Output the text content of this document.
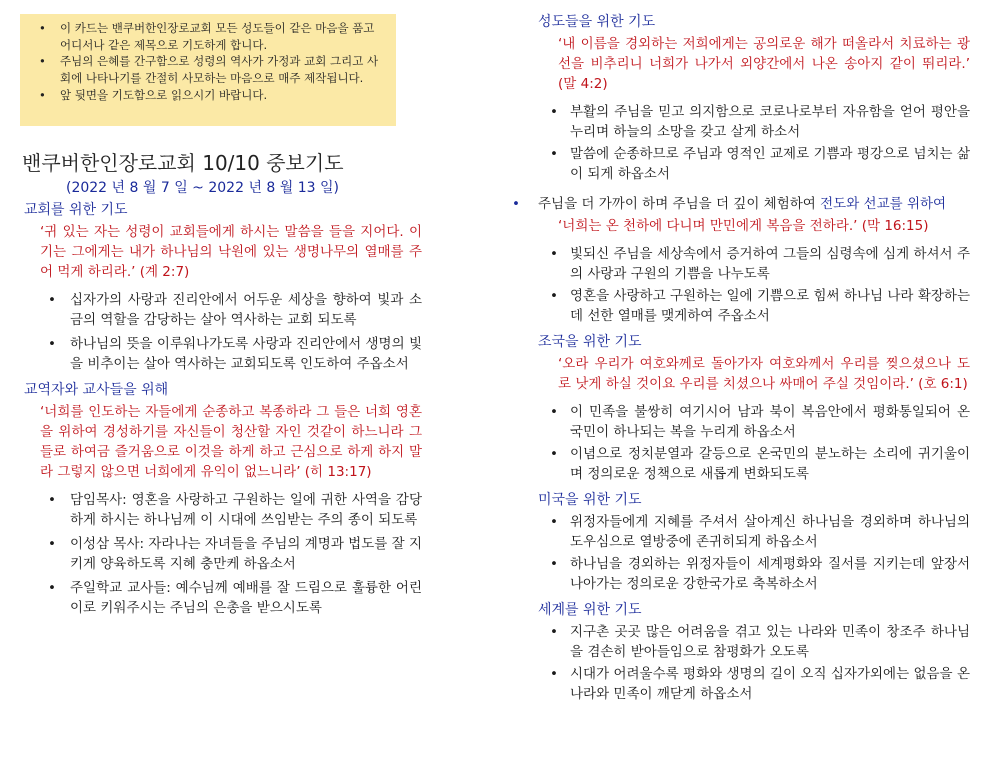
• 이 카드는 밴쿠버한인장로교회 모든 성도들이 같은 마음을 품고 어디서나 같은 제목으로 기도하게 합니다.
• 주님의 은혜를 간구함으로 성령의 역사가 가정과 교회 그리고 사회에 나타나기를 간절히 사모하는 마음으로 매주 제작됩니다.
• 앞 뒷면을 기도함으로 읽으시기 바랍니다.
밴쿠버한인장로교회 10/10 중보기도
(2022 년 8 월 7 일 ~ 2022 년 8 월 13 일)
교회를 위한 기도
‘귀 있는 자는 성령이 교회들에게 하시는 말씀을 들을 지어다. 이기는 그에게는 내가 하나님의 낙원에 있는 생명나무의 열매를 주어 먹게 하리라.’ (계 2:7)
• 십자가의 사랑과 진리안에서 어두운 세상을 향하여 빛과 소금의 역할을 감당하는 살아 역사하는 교회 되도록
• 하나님의 뜻을 이루워나가도록 사랑과 진리안에서 생명의 빛을 비추이는 살아 역사하는 교회되도록 인도하여 주옵소서
교역자와 교사들을 위해
‘너희를 인도하는 자들에게 순종하고 복종하라 그 들은 너희 영혼을 위하여 경성하기를 자신들이 청산할 자인 것같이 하느니라 그들로 하여금 즐거움으로 이것을 하게 하고 근심으로 하게 하지 말라 그렇지 않으면 너희에게 유익이 없느니라’ (히 13:17)
• 담임목사: 영혼을 사랑하고 구원하는 일에 귀한 사역을 감당하게 하시는 하나님께 이 시대에 쓰임받는 주의 종이 되도록
• 이성삼 목사: 자라나는 자녀들을 주님의 계명과 법도를 잘 지키게 양육하도록 지혜 충만케 하옵소서
• 주일학교 교사들: 예수님께 예배를 잘 드림으로 훌륭한 어린이로 키워주시는 주님의 은총을 받으시도록
성도들을 위한 기도
‘내 이름을 경외하는 저희에게는 공의로운 해가 떠올라서 치료하는 광선을 비추리니 너희가 나가서 외양간에서 나온 송아지 같이 뛰리라.’ (말 4:2)
• 부활의 주님을 믿고 의지함으로 코로나로부터 자유함을 얻어 평안을 누리며 하늘의 소망을 갖고 살게 하소서
• 말씀에 순종하므로 주님과 영적인 교제로 기쁨과 평강으로 넘치는 삶이 되게 하옵소서
• 주님을 더 가까이 하며 주님을 더 깊이 체험하여 전도와 선교를 위하여
‘너희는 온 천하에 다니며 만민에게 복음을 전하라.’ (막 16:15)
• 빛되신 주님을 세상속에서 증거하여 그들의 심령속에 심게 하셔서 주의 사랑과 구원의 기쁨을 나누도록
• 영혼을 사랑하고 구원하는 일에 기쁨으로 힘써 하나님 나라 확장하는데 선한 열매를 맺게하여 주옵소서
조국을 위한 기도
‘오라 우리가 여호와께로 돌아가자 여호와께서 우리를 찢으셨으나 도로 낫게 하실 것이요 우리를 치셨으나 싸매어 주실 것임이라.’ (호 6:1)
• 이 민족을 불쌍히 여기시어 남과 북이 복음안에서 평화통일되어 온 국민이 하나되는 복을 누리게 하옵소서
• 이념으로 정치분열과 갈등으로 온국민의 분노하는 소리에 귀기울이며 정의로운 정책으로 새롭게 변화되도록
미국을 위한 기도
• 위정자들에게 지혜를 주셔서 살아계신 하나님을 경외하며 하나님의 도우심으로 열방중에 존귀히되게 하옵소서
• 하나님을 경외하는 위정자들이 세계평화와 질서를 지키는데 앞장서 나아가는 정의로운 강한국가로 축복하소서
세계를 위한 기도
• 지구촌 곳곳 많은 어려움을 겪고 있는 나라와 민족이 창조주 하나님을 겸손히 받아들임으로 참평화가 오도록
• 시대가 어려울수록 평화와 생명의 길이 오직 십자가외에는 없음을 온 나라와 민족이 깨닫게 하옵소서
